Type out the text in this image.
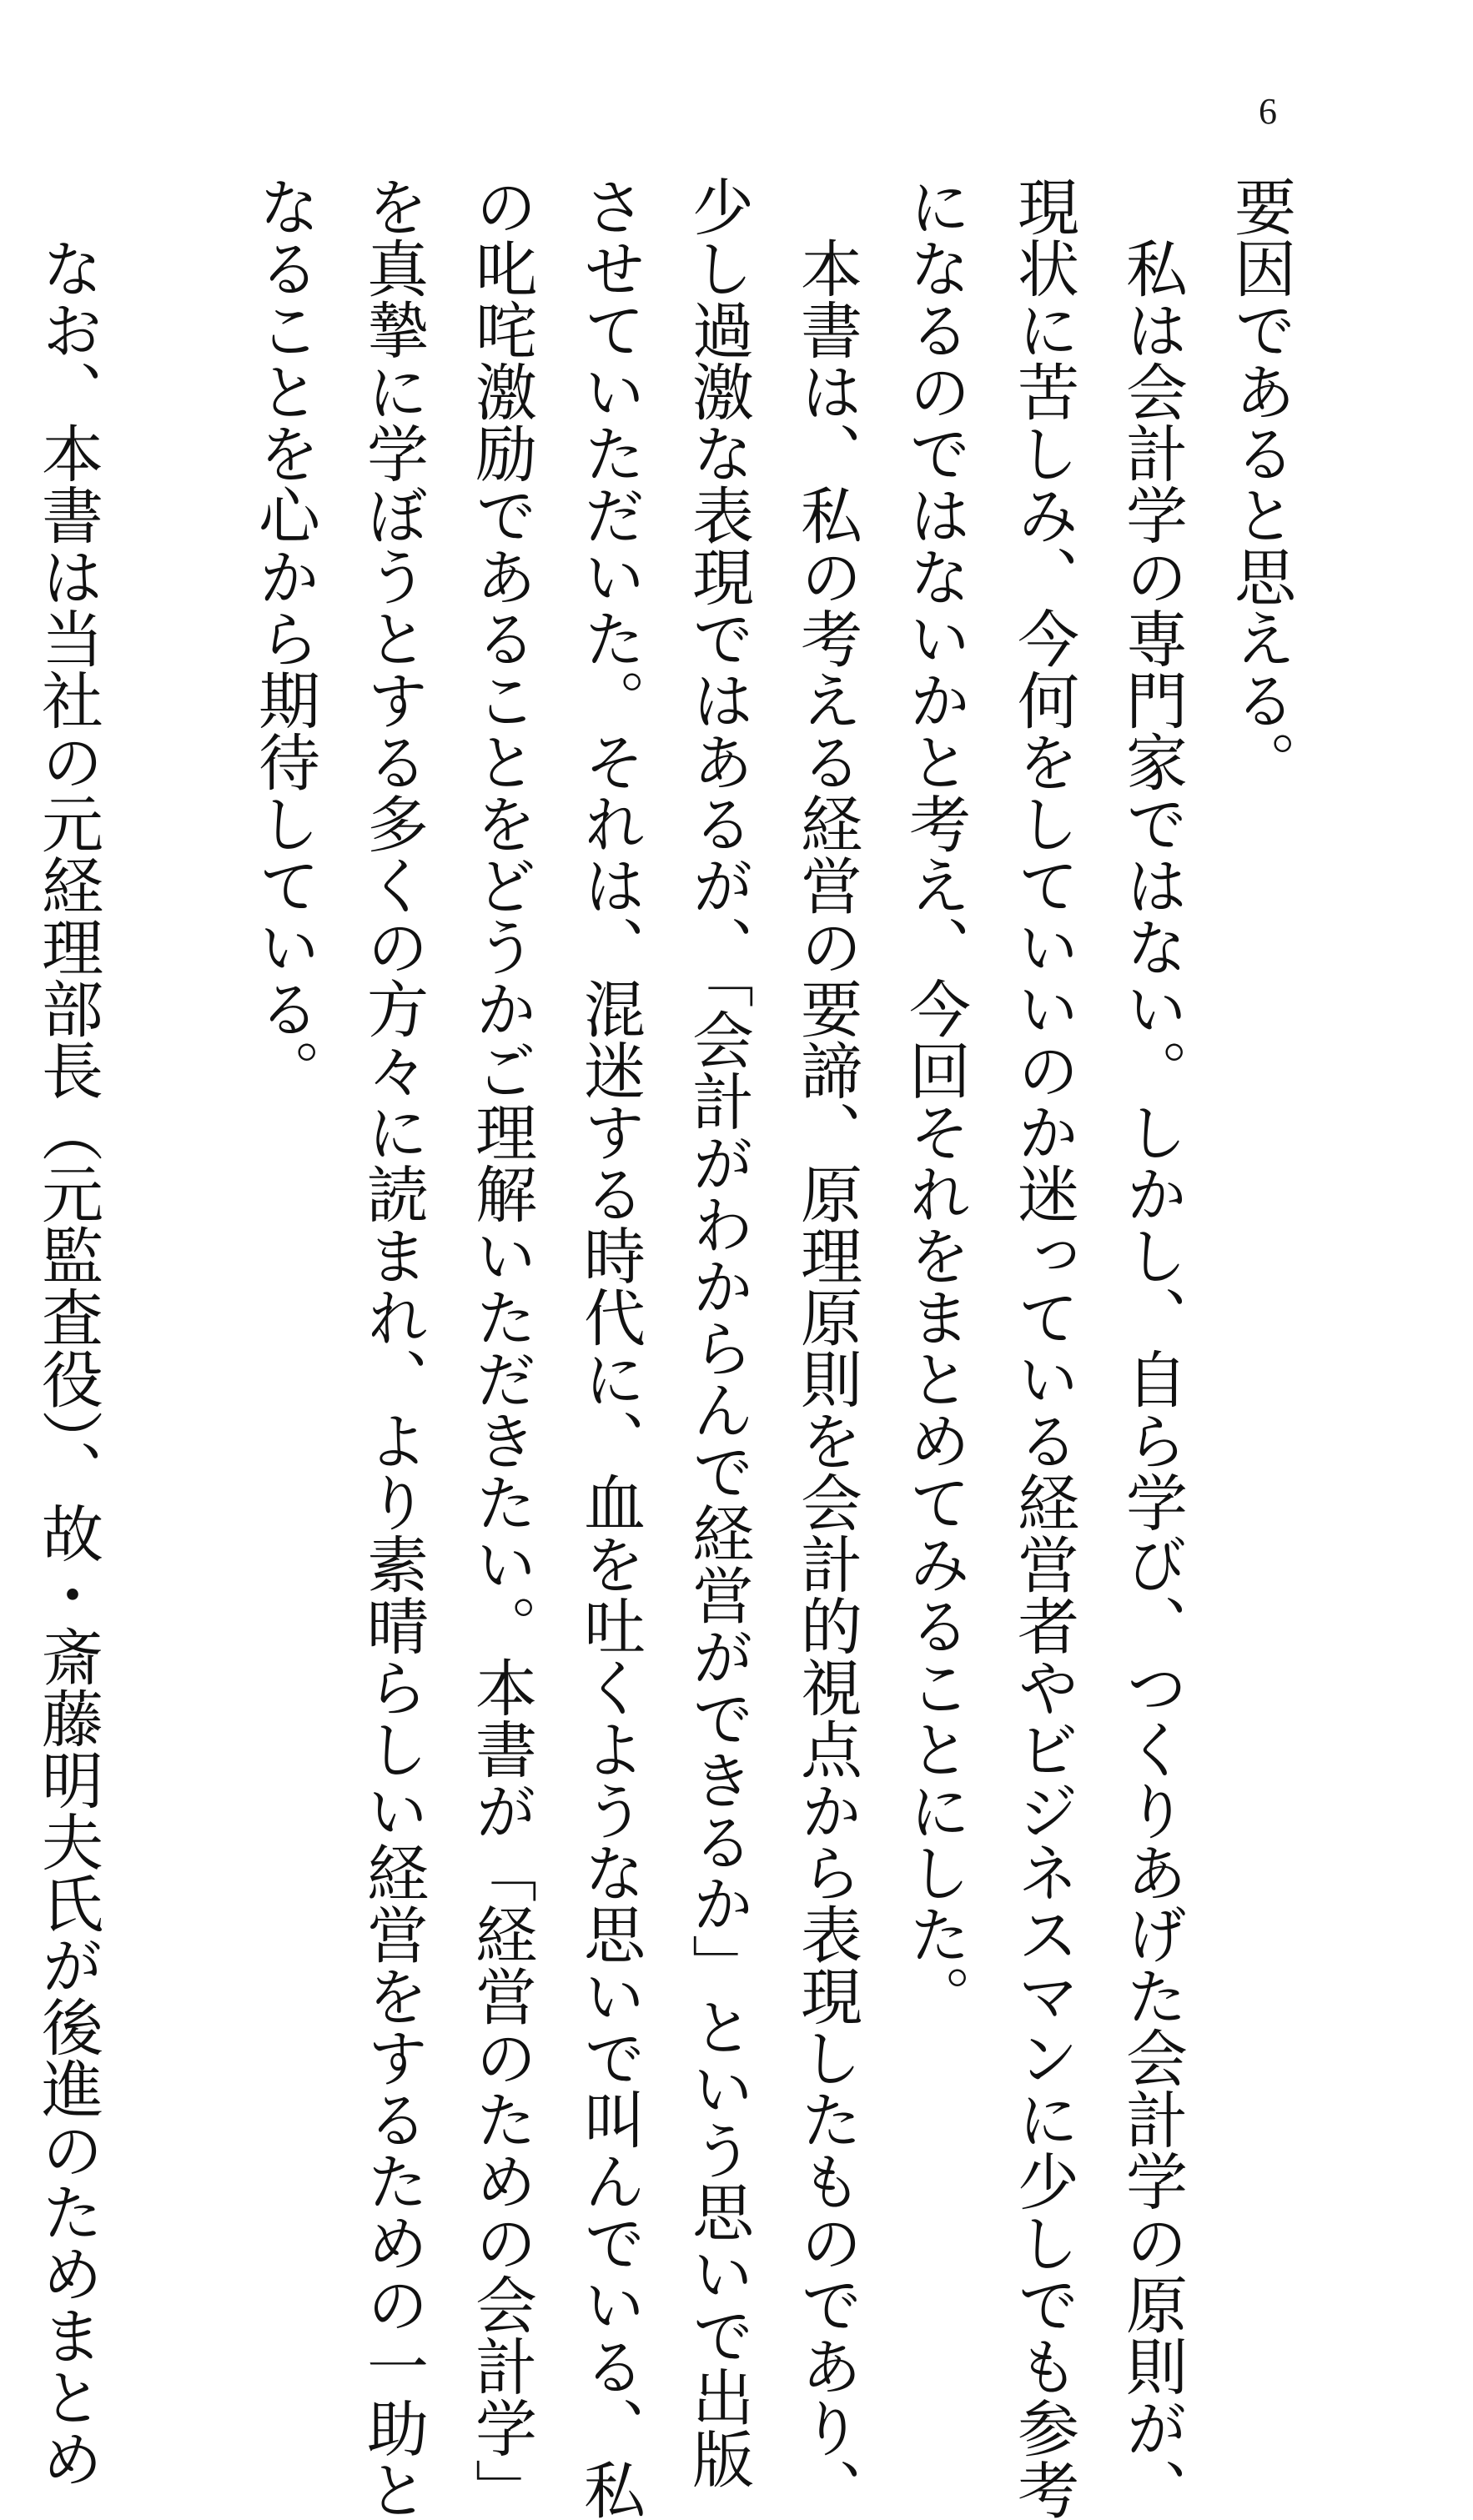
6
要因であると思える。
　私は会計学の専門家ではない。しかし、自ら学び、つくりあげた会計学の原則が、
現状に苦しみ、今何をしていいのか迷っている経営者やビジネスマンに少しでも参考
になるのではないかと考え、今回それをまとめてみることにした。
　本書は、私の考える経営の要諦、原理原則を会計的視点から表現したものであり、
少し過激な表現ではあるが、「会計がわからんで経営ができるか」という思いで出版
させていただいた。それは、混迷する時代に、血を吐くような思いで叫んでいる、私
の叱咤激励であることをどうかご理解いただきたい。本書が「経営のための会計学」
を真摯に学ぼうとする多くの方々に読まれ、より素晴らしい経営をするための一助と
なることを心から期待している。

　なお、本書は当社の元経理部長（元監査役）、故・斎藤明夫氏が後進のためまとめ
